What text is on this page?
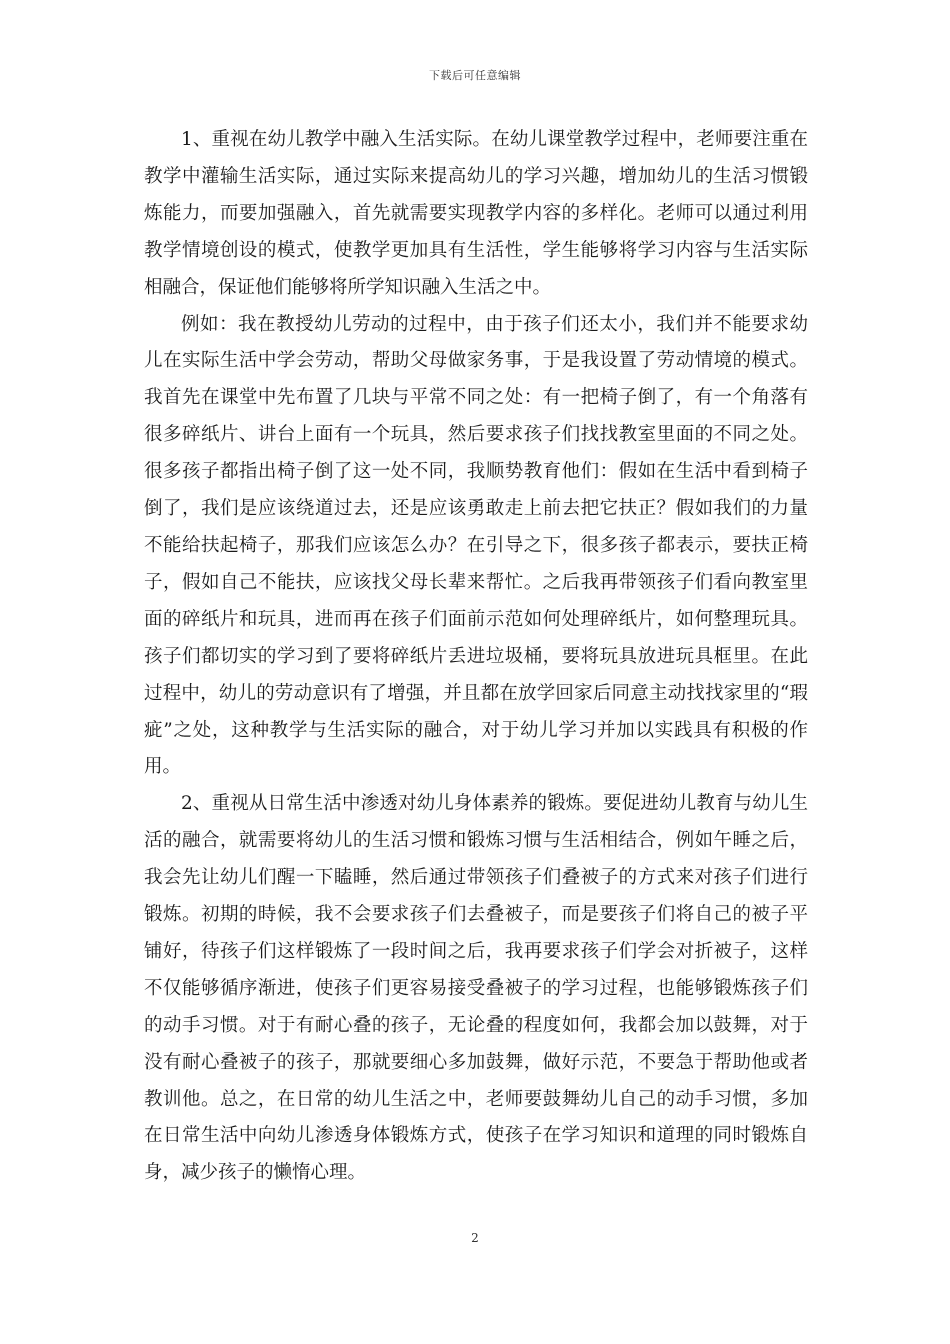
下载后可任意编辑

1、重视在幼儿教学中融入生活实际。在幼儿课堂教学过程中，老师要注重在教学中灌输生活实际，通过实际来提高幼儿的学习兴趣，增加幼儿的生活习惯锻炼能力，而要加强融入，首先就需要实现教学内容的多样化。老师可以通过利用教学情境创设的模式，使教学更加具有生活性，学生能够将学习内容与生活实际相融合，保证他们能够将所学知识融入生活之中。

例如：我在教授幼儿劳动的过程中，由于孩子们还太小，我们并不能要求幼儿在实际生活中学会劳动，帮助父母做家务事，于是我设置了劳动情境的模式。我首先在课堂中先布置了几块与平常不同之处：有一把椅子倒了，有一个角落有很多碎纸片、讲台上面有一个玩具，然后要求孩子们找找教室里面的不同之处。很多孩子都指出椅子倒了这一处不同，我顺势教育他们：假如在生活中看到椅子倒了，我们是应该绕道过去，还是应该勇敢走上前去把它扶正？假如我们的力量不能给扶起椅子，那我们应该怎么办？在引导之下，很多孩子都表示，要扶正椅子，假如自己不能扶，应该找父母长辈来帮忙。之后我再带领孩子们看向教室里面的碎纸片和玩具，进而再在孩子们面前示范如何处理碎纸片，如何整理玩具。孩子们都切实的学习到了要将碎纸片丢进垃圾桶，要将玩具放进玩具框里。在此过程中，幼儿的劳动意识有了增强，并且都在放学回家后同意主动找找家里的“瑕疵”之处，这种教学与生活实际的融合，对于幼儿学习并加以实践具有积极的作用。

2、重视从日常生活中渗透对幼儿身体素养的锻炼。要促进幼儿教育与幼儿生活的融合，就需要将幼儿的生活习惯和锻炼习惯与生活相结合，例如午睡之后，我会先让幼儿们醒一下瞌睡，然后通过带领孩子们叠被子的方式来对孩子们进行锻炼。初期的時候，我不会要求孩子们去叠被子，而是要孩子们将自己的被子平铺好，待孩子们这样锻炼了一段时间之后，我再要求孩子们学会对折被子，这样不仅能够循序渐进，使孩子们更容易接受叠被子的学习过程，也能够锻炼孩子们的动手习惯。对于有耐心叠的孩子，无论叠的程度如何，我都会加以鼓舞，对于没有耐心叠被子的孩子，那就要细心多加鼓舞，做好示范，不要急于帮助他或者教训他。总之，在日常的幼儿生活之中，老师要鼓舞幼儿自己的动手习惯，多加在日常生活中向幼儿渗透身体锻炼方式，使孩子在学习知识和道理的同时锻炼自身，减少孩子的懒惰心理。

2
